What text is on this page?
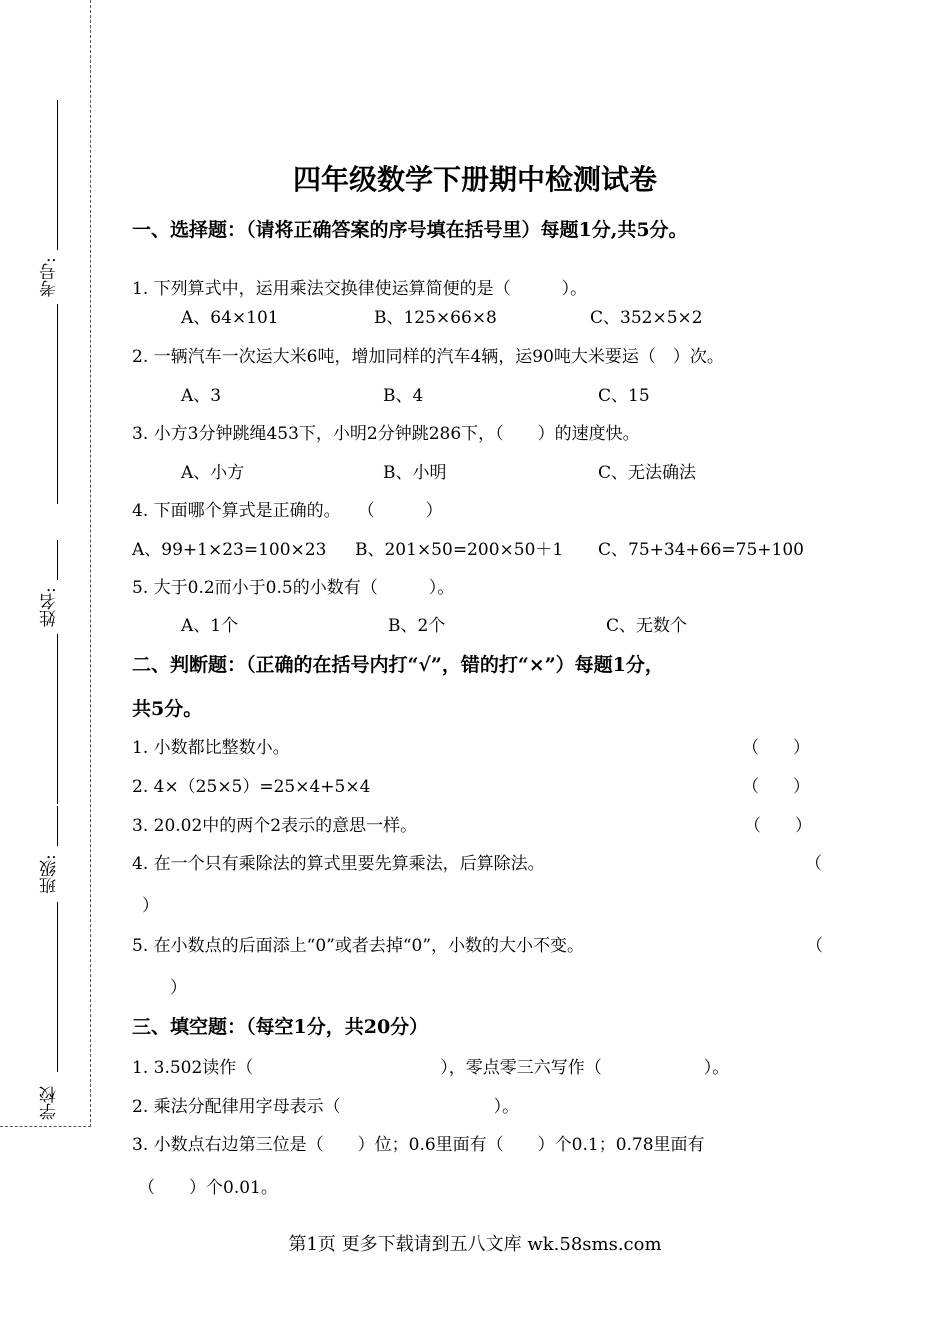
考号:
姓名:
班级:
学校
四年级数学下册期中检测试卷
一、选择题：（请将正确答案的序号填在括号里）每题1分,共5分。
1. 下列算式中，运用乘法交换律使运算简便的是（　　　）。
A、64×101	B、125×66×8	C、352×5×2
2. 一辆汽车一次运大米6吨，增加同样的汽车4辆，运90吨大米要运（　）次。
A、3	B、4	C、15
3. 小方3分钟跳绳453下，小明2分钟跳286下，（　　）的速度快。
A、小方	B、小明	C、无法确法
4. 下面哪个算式是正确的。　　（　　　）
A、99+1×23=100×23 B、201×50=200×50＋1 C、75+34+66=75+100
5. 大于0.2而小于0.5的小数有（　　　）。
A、1个	B、2个	C、无数个
二、判断题：（正确的在括号内打“√”，错的打“×”）每题1分，
共5分。
1. 小数都比整数小。	（　　）
2. 4×（25×5）=25×4+5×4	（　　）
3. 20.02中的两个2表示的意思一样。	（　　）
4. 在一个只有乘除法的算式里要先算乘法，后算除法。	（
）
5. 在小数点的后面添上“0”或者去掉“0”，小数的大小不变。	（
）
三、填空题：（每空1分，共20分）
1. 3.502读作（　　　　　　　　　　　），零点零三六写作（　　　　　　）。
2. 乘法分配律用字母表示（　　　　　　　　　）。
3. 小数点右边第三位是（　　）位；0.6里面有（　　）个0.1；0.78里面有
（　　）个0.01。
第1页 更多下载请到五八文库 wk.58sms.com
